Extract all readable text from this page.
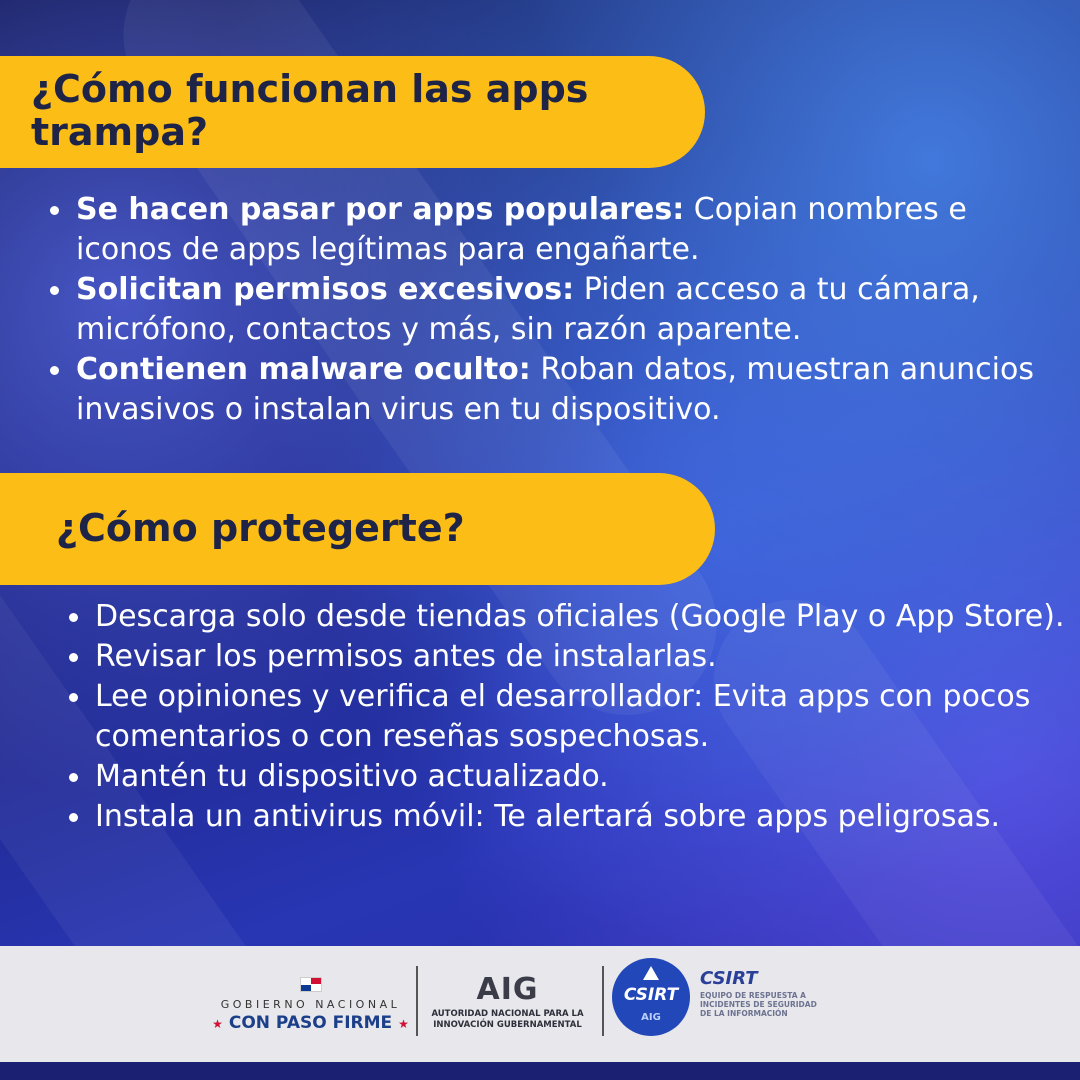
¿Cómo funcionan las apps trampa?
Se hacen pasar por apps populares: Copian nombres e iconos de apps legítimas para engañarte.
Solicitan permisos excesivos: Piden acceso a tu cámara, micrófono, contactos y más, sin razón aparente.
Contienen malware oculto: Roban datos, muestran anuncios invasivos o instalan virus en tu dispositivo.
¿Cómo protegerte?
Descarga solo desde tiendas oficiales (Google Play o App Store).
Revisar los permisos antes de instalarlas.
Lee opiniones y verifica el desarrollador: Evita apps con pocos comentarios o con reseñas sospechosas.
Mantén tu dispositivo actualizado.
Instala un antivirus móvil: Te alertará sobre apps peligrosas.
GOBIERNO NACIONAL
★ CON PASO FIRME ★
AIG
AUTORIDAD NACIONAL PARA LA INNOVACIÓN GUBERNAMENTAL
CSIRT
AIG
CSIRT
EQUIPO DE RESPUESTA A INCIDENTES DE SEGURIDAD DE LA INFORMACIÓN
